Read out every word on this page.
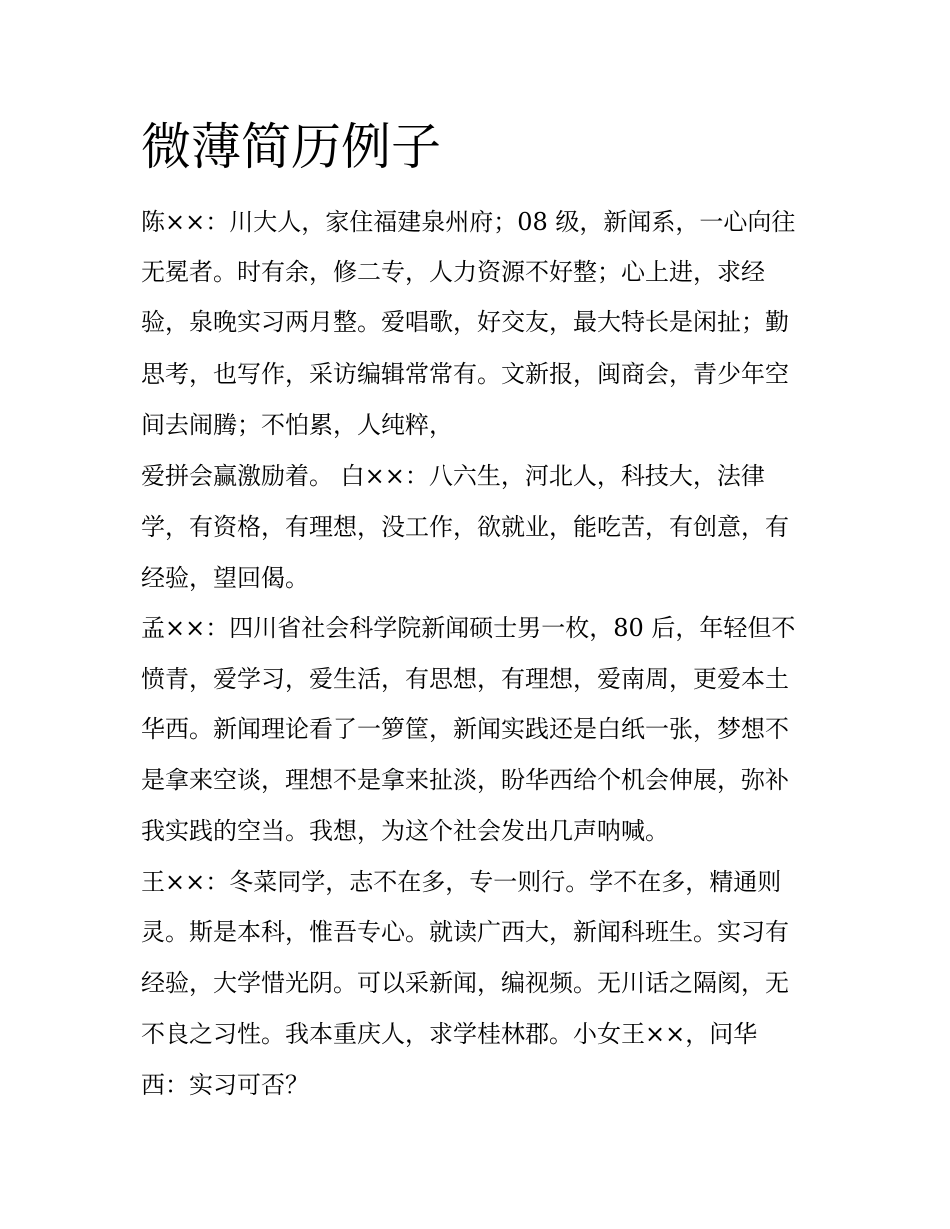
微薄简历例子

陈××：川大人，家住福建泉州府；08 级，新闻系，一心向往

无冕者。时有余，修二专，人力资源不好整；心上进，求经

验，泉晚实习两月整。爱唱歌，好交友，最大特长是闲扯；勤

思考，也写作，采访编辑常常有。文新报，闽商会，青少年空

间去闹腾；不怕累，人纯粹，

爱拼会赢激励着。 白××：八六生，河北人，科技大，法律

学，有资格，有理想，没工作，欲就业，能吃苦，有创意，有

经验，望回偈。

孟××：四川省社会科学院新闻硕士男一枚，80 后，年轻但不

愤青，爱学习，爱生活，有思想，有理想，爱南周，更爱本土

华西。新闻理论看了一箩筐，新闻实践还是白纸一张，梦想不

是拿来空谈，理想不是拿来扯淡，盼华西给个机会伸展，弥补

我实践的空当。我想，为这个社会发出几声呐喊。

王××：冬菜同学，志不在多，专一则行。学不在多，精通则

灵。斯是本科，惟吾专心。就读广西大，新闻科班生。实习有

经验，大学惜光阴。可以采新闻，编视频。无川话之隔阂，无

不良之习性。我本重庆人，求学桂林郡。小女王××，问华

西：实习可否？
